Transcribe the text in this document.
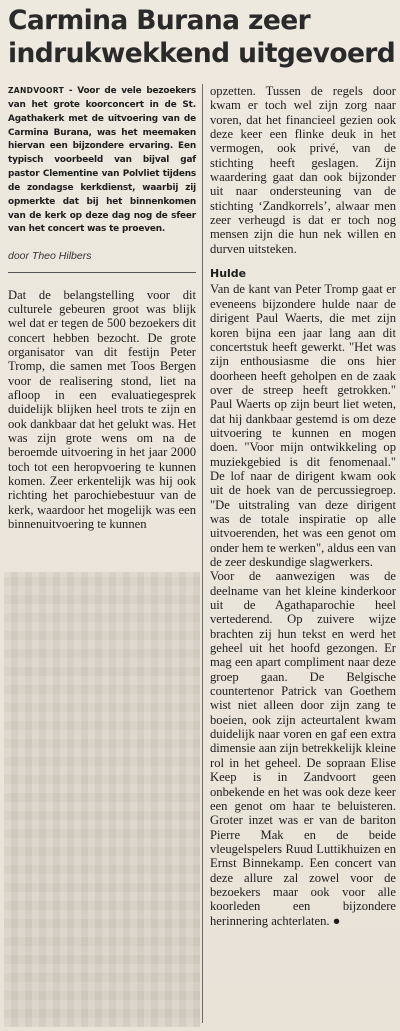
Carmina Burana zeer indrukwekkend uitgevoerd

ZANDVOORT - Voor de vele bezoekers van het grote koorconcert in de St. Agathakerk met de uitvoering van de Carmina Burana, was het meemaken hiervan een bijzondere ervaring. Een typisch voorbeeld van bijval gaf pastor Clementine van Polvliet tijdens de zondagse kerkdienst, waarbij zij opmerkte dat bij het binnenkomen van de kerk op deze dag nog de sfeer van het concert was te proeven.

door Theo Hilbers

Dat de belangstelling voor dit culturele gebeuren groot was blijk wel dat er tegen de 500 bezoekers dit concert hebben bezocht. De grote organisator van dit festijn Peter Tromp, die samen met Toos Bergen voor de realisering stond, liet na afloop in een evaluatiegesprek duidelijk blijken heel trots te zijn en ook dankbaar dat het gelukt was. Het was zijn grote wens om na de beroemde uitvoering in het jaar 2000 toch tot een heropvoering te kunnen komen. Zeer erkentelijk was hij ook richting het parochiebestuur van de kerk, waardoor het mogelijk was een binnenuitvoering te kunnen

opzetten. Tussen de regels door kwam er toch wel zijn zorg naar voren, dat het financieel gezien ook deze keer een flinke deuk in het vermogen, ook privé, van de stichting heeft geslagen. Zijn waardering gaat dan ook bijzonder uit naar ondersteuning van de stichting ‘Zandkorrels’, alwaar men zeer verheugd is dat er toch nog mensen zijn die hun nek willen en durven uitsteken.

Hulde

Van de kant van Peter Tromp gaat er eveneens bijzondere hulde naar de dirigent Paul Waerts, die met zijn koren bijna een jaar lang aan dit concertstuk heeft gewerkt. "Het was zijn enthousiasme die ons hier doorheen heeft geholpen en de zaak over de streep heeft getrokken." Paul Waerts op zijn beurt liet weten, dat hij dankbaar gestemd is om deze uitvoering te kunnen en mogen doen. "Voor mijn ontwikkeling op muziekgebied is dit fenomenaal." De lof naar de dirigent kwam ook uit de hoek van de percussiegroep. "De uitstraling van deze dirigent was de totale inspiratie op alle uitvoerenden, het was een genot om onder hem te werken", aldus een van de zeer deskundige slagwerkers.

Voor de aanwezigen was de deelname van het kleine kinderkoor uit de Agathaparochie heel vertederend. Op zuivere wijze brachten zij hun tekst en werd het geheel uit het hoofd gezongen. Er mag een apart compliment naar deze groep gaan. De Belgische countertenor Patrick van Goethem wist niet alleen door zijn zang te boeien, ook zijn acteurtalent kwam duidelijk naar voren en gaf een extra dimensie aan zijn betrekkelijk kleine rol in het geheel. De sopraan Elise Keep is in Zandvoort geen onbekende en het was ook deze keer een genot om haar te beluisteren. Groter inzet was er van de bariton Pierre Mak en de beide vleugelspelers Ruud Luttikhuizen en Ernst Binnekamp. Een concert van deze allure zal zowel voor de bezoekers maar ook voor alle koorleden een bijzondere herinnering achterlaten. ●
